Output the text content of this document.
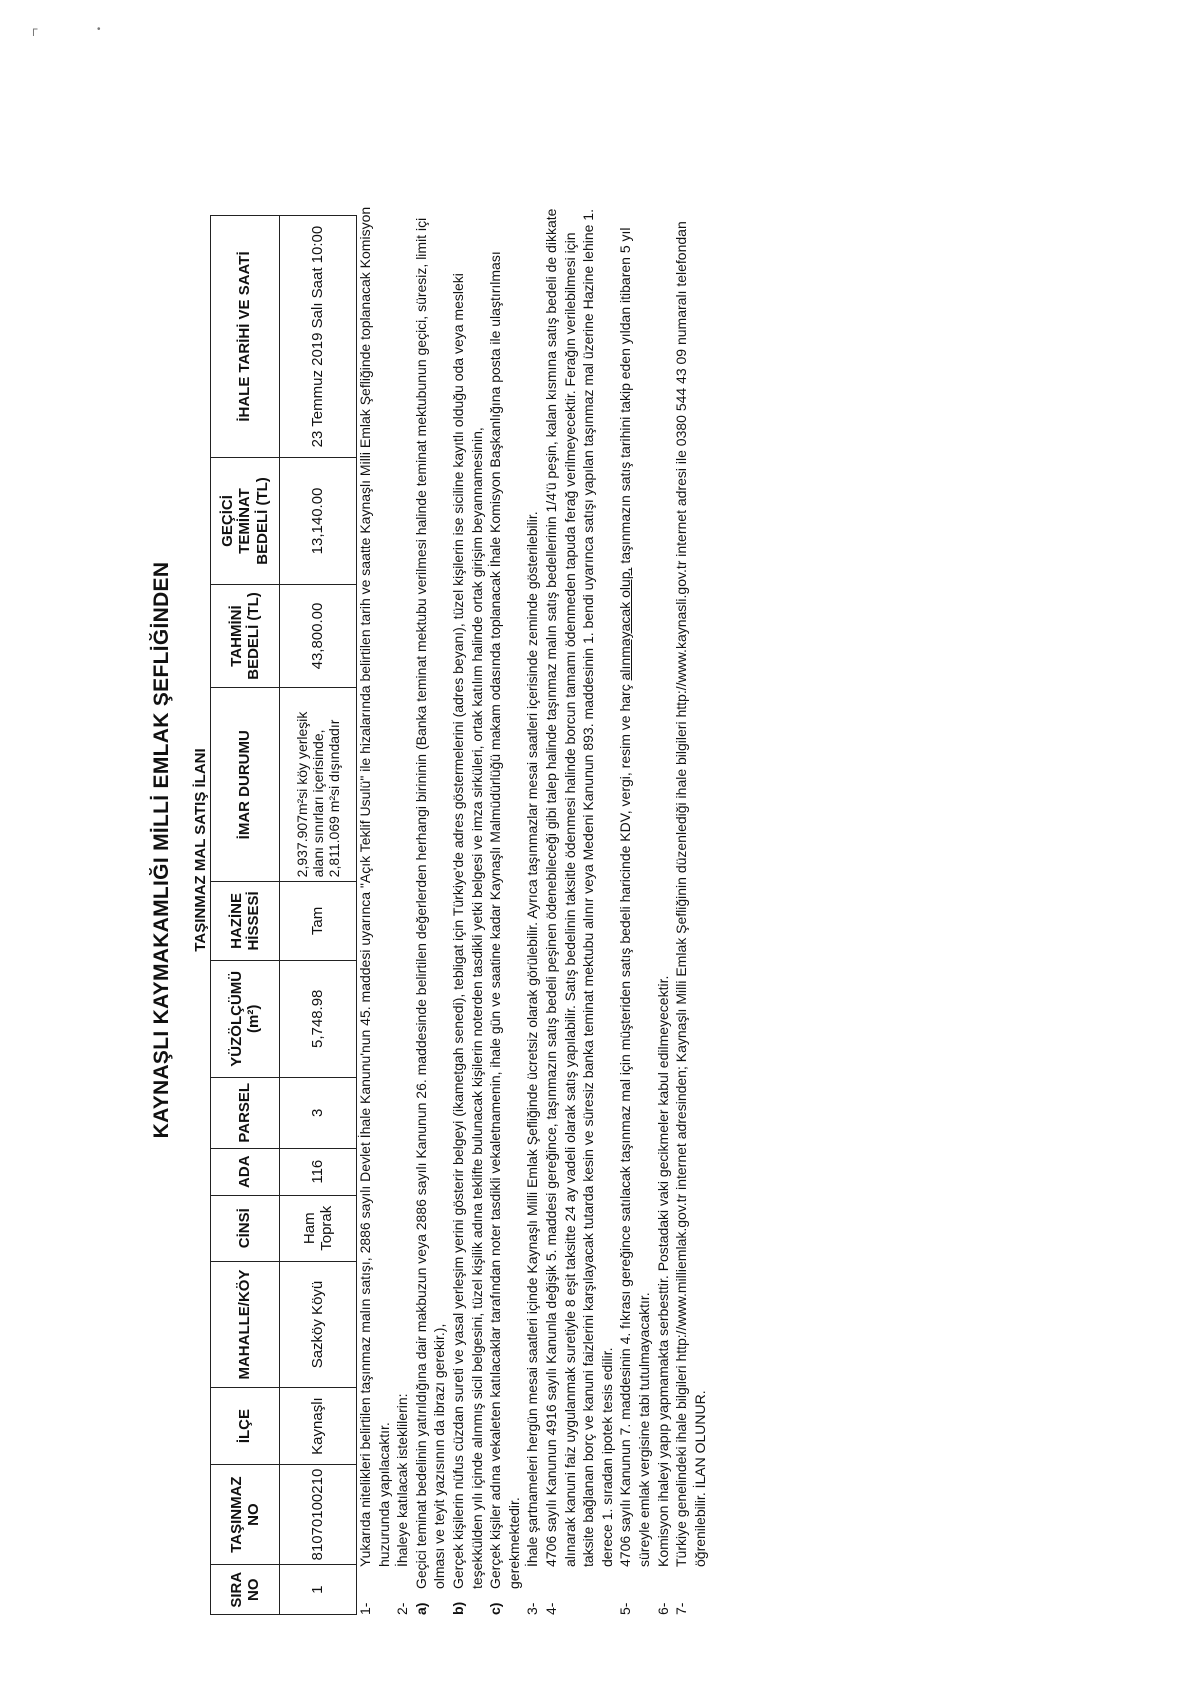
ᒥ	•
KAYNAŞLI KAYMAKAMLIĞI MİLLİ EMLAK ŞEFLİĞİNDEN TAŞINMAZ MAL SATIŞ İLANI
SIRA NO	TAŞINMAZ NO	İLÇE	MAHALLE/KÖY	CİNSİ	ADA	PARSEL	YÜZÖLÇÜMÜ (m²)	HAZİNE HİSSESİ	İMAR DURUMU	TAHMİNİ BEDELİ (TL)	GEÇİCİ TEMİNAT BEDELİ (TL)	İHALE TARİHİ VE SAATİ
1	81070100210	Kaynaşlı	Sazköy Köyü	Ham Toprak	116	3	5,748.98	Tam	2,937.907m²si köy yerleşik alanı sınırları içerisinde, 2,811.069 m²si dışındadır	43,800.00	13,140.00	23 Temmuz 2019 Salı Saat 10:00
1-
Yukarıda nitelikleri belirtilen taşınmaz malın satışı, 2886 sayılı Devlet İhale Kanunu'nun 45. maddesi uyarınca "Açık Teklif Usulü" ile hizalarında belirtilen tarih ve saatte Kaynaşlı Milli Emlak Şefliğinde toplanacak Komisyon huzurunda yapılacaktır.
2-
İhaleye katılacak isteklilerin:
a)
Geçici teminat bedelinin yatırıldığına dair makbuzun veya 2886 sayılı Kanunun 26. maddesinde belirtilen değerlerden herhangi birininin (Banka teminat mektubu verilmesi halinde teminat mektubunun geçici, süresiz, limit içi olması ve teyit yazısının da ibrazı gerekir.),
b)
Gerçek kişilerin nüfus cüzdan sureti ve yasal yerleşim yerini gösterir belgeyi (ikametgah senedi), tebligat için Türkiye'de adres göstermelerini (adres beyanı), tüzel kişilerin ise siciline kayıtlı olduğu oda veya mesleki teşekkülden yılı içinde alınmış sicil belgesini, tüzel kişilik adına teklifte bulunacak kişilerin noterden tasdikli yetki belgesi ve imza sirküleri, ortak katılım halinde ortak girişim beyannamesinin,
c)
Gerçek kişiler adına vekaleten katılacaklar tarafından noter tasdikli vekaletnamenin, ihale gün ve saatine kadar Kaynaşlı Malmüdürlüğü makam odasında toplanacak İhale Komisyon Başkanlığına posta ile ulaştırılması gerekmektedir.
3-
İhale şartnameleri hergün mesai saatleri içinde Kaynaşlı Milli Emlak Şefliğinde ücretsiz olarak görülebilir. Ayrıca taşınmazlar mesai saatleri içerisinde zeminde gösterilebilir.
4-
4706 sayılı Kanunun 4916 sayılı Kanunla değişik 5. maddesi gereğince, taşınmazın satış bedeli peşinen ödenebileceği gibi talep halinde taşınmaz malın satış bedellerinin 1/4'ü peşin, kalan kısmına satış bedeli de dikkate alınarak kanuni faiz uygulanmak suretiyle 8 eşit taksitte 24 ay vadeli olarak satış yapılabilir. Satış bedelinin taksitle ödenmesi halinde borcun tamamı ödenmeden tapuda ferağ verilmeyecektir. Ferağın verilebilmesi için taksite bağlanan borç ve kanuni faizlerini karşılayacak tutarda kesin ve süresiz banka teminat mektubu alınır veya Medeni Kanunun 893. maddesinin 1. bendi uyarınca satışı yapılan taşınmaz mal üzerine Hazine lehine 1. derece 1. sıradan ipotek tesis edilir.
5-
4706 sayılı Kanunun 7. maddesinin 4. fıkrası gereğince satılacak taşınmaz mal için müşteriden satış bedeli haricinde KDV, vergi, resim ve harç alınmayacak olup, taşınmazın satış tarihini takip eden yıldan itibaren 5 yıl süreyle emlak vergisine tabi tutulmayacaktır.
6-
Komisyon ihaleyi yapıp yapmamakta serbesttir. Postadaki vaki gecikmeler kabul edilmeyecektir.
7-
Türkiye genelindeki ihale bilgileri http://www.milliemlak.gov.tr internet adresinden; Kaynaşlı Milli Emlak Şefliğinin düzenlediği ihale bilgileri http://www.kaynasli.gov.tr internet adresi ile 0380 544 43 09 numaralı telefondan öğrenilebilir. İLAN OLUNUR.
